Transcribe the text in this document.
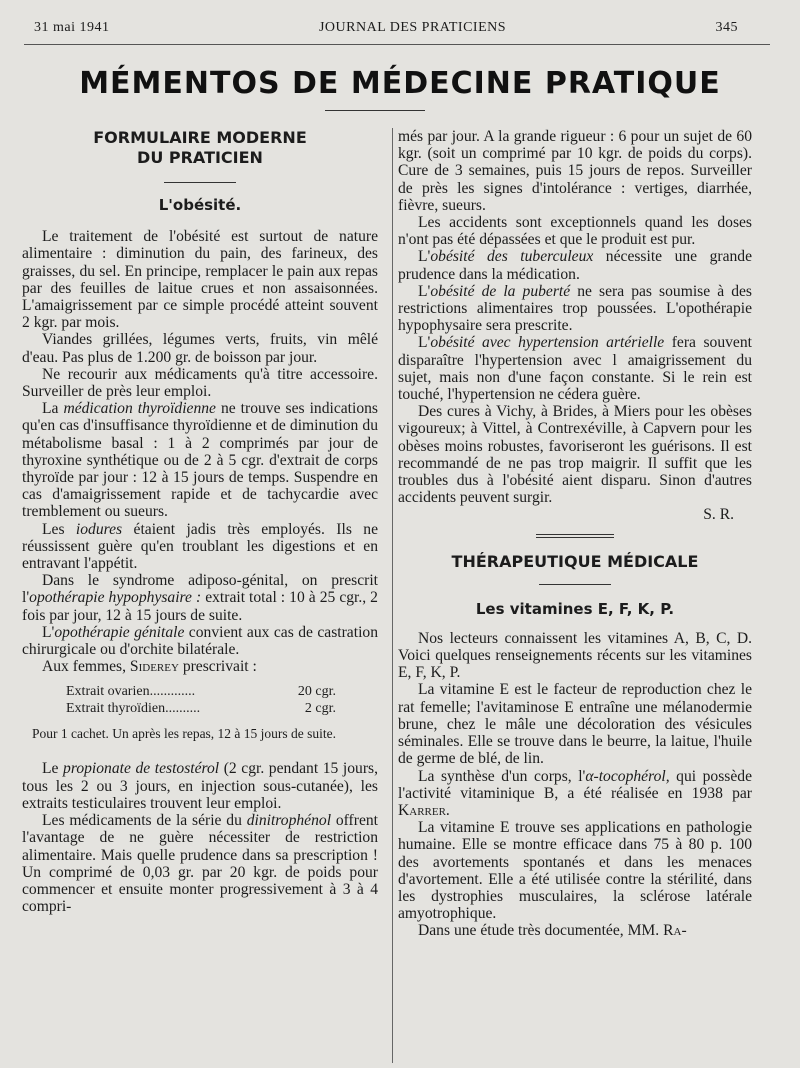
31 mai 1941	JOURNAL DES PRATICIENS	345
MÉMENTOS DE MÉDECINE PRATIQUE
FORMULAIRE MODERNE
DU PRATICIEN
L'obésité.

Le traitement de l'obésité est surtout de nature alimentaire : diminution du pain, des farineux, des graisses, du sel. En principe, remplacer le pain aux repas par des feuilles de laitue crues et non assaisonnées. L'amaigrissement par ce simple procédé atteint souvent 2 kgr. par mois.

Viandes grillées, légumes verts, fruits, vin mêlé d'eau. Pas plus de 1.200 gr. de boisson par jour.

Ne recourir aux médicaments qu'à titre accessoire. Surveiller de près leur emploi.

La médication thyroïdienne ne trouve ses indications qu'en cas d'insuffisance thyroïdienne et de diminution du métabolisme basal : 1 à 2 comprimés par jour de thyroxine synthétique ou de 2 à 5 cgr. d'extrait de corps thyroïde par jour : 12 à 15 jours de temps. Suspendre en cas d'amaigrissement rapide et de tachycardie avec tremblement ou sueurs.

Les iodures étaient jadis très employés. Ils ne réussissent guère qu'en troublant les digestions et en entravant l'appétit.

Dans le syndrome adiposo-génital, on prescrit l'opothérapie hypophysaire : extrait total : 10 à 25 cgr., 2 fois par jour, 12 à 15 jours de suite.

L'opothérapie génitale convient aux cas de castration chirurgicale ou d'orchite bilatérale.

Aux femmes, Siderey prescrivait :

Extrait ovarien.............	20 cgr.
Extrait thyroïdien..........	2 cgr.

Pour 1 cachet. Un après les repas, 12 à 15 jours de suite.

Le propionate de testostérol (2 cgr. pendant 15 jours, tous les 2 ou 3 jours, en injection sous-cutanée), les extraits testiculaires trouvent leur emploi.

Les médicaments de la série du dinitrophénol offrent l'avantage de ne guère nécessiter de restriction alimentaire. Mais quelle prudence dans sa prescription ! Un comprimé de 0,03 gr. par 20 kgr. de poids pour commencer et ensuite monter progressivement à 3 à 4 compri-

més par jour. A la grande rigueur : 6 pour un sujet de 60 kgr. (soit un comprimé par 10 kgr. de poids du corps). Cure de 3 semaines, puis 15 jours de repos. Surveiller de près les signes d'intolérance : vertiges, diarrhée, fièvre, sueurs.

Les accidents sont exceptionnels quand les doses n'ont pas été dépassées et que le produit est pur.

L'obésité des tuberculeux nécessite une grande prudence dans la médication.

L'obésité de la puberté ne sera pas soumise à des restrictions alimentaires trop poussées. L'opothérapie hypophysaire sera prescrite.

L'obésité avec hypertension artérielle fera souvent disparaître l'hypertension avec l amaigrissement du sujet, mais non d'une façon constante. Si le rein est touché, l'hypertension ne cédera guère.

Des cures à Vichy, à Brides, à Miers pour les obèses vigoureux; à Vittel, à Contrexéville, à Capvern pour les obèses moins robustes, favoriseront les guérisons. Il est recommandé de ne pas trop maigrir. Il suffit que les troubles dus à l'obésité aient disparu. Sinon d'autres accidents peuvent surgir.

S. R.

THÉRAPEUTIQUE MÉDICALE
Les vitamines E, F, K, P.

Nos lecteurs connaissent les vitamines A, B, C, D. Voici quelques renseignements récents sur les vitamines E, F, K, P.

La vitamine E est le facteur de reproduction chez le rat femelle; l'avitaminose E entraîne une mélanodermie brune, chez le mâle une décoloration des vésicules séminales. Elle se trouve dans le beurre, la laitue, l'huile de germe de blé, de lin.

La synthèse d'un corps, l'α-tocophérol, qui possède l'activité vitaminique B, a été réalisée en 1938 par Karrer.

La vitamine E trouve ses applications en pathologie humaine. Elle se montre efficace dans 75 à 80 p. 100 des avortements spontanés et dans les menaces d'avortement. Elle a été utilisée contre la stérilité, dans les dystrophies musculaires, la sclérose latérale amyotrophique.

Dans une étude très documentée, MM. Ra-
